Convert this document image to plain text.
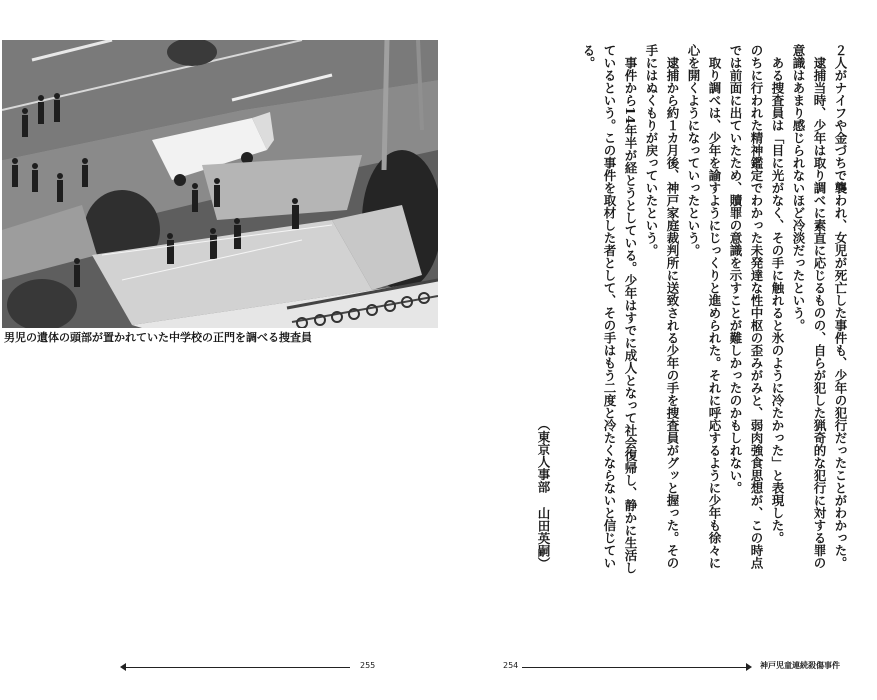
男児の遺体の頭部が置かれていた中学校の正門を調べる捜査員	２人がナイフや金づちで襲われ、女児が死亡した事件も、少年の犯行だったことがわかった。

　逮捕当時、少年は取り調べに素直に応じるものの、自らが犯した猟奇的な犯行に対する罪の

意識はあまり感じられないほど冷淡だったという。

　ある捜査員は「目に光がなく、その手に触れると氷のように冷たかった」と表現した。

のちに行われた精神鑑定でわかった未発達な性中枢の歪みがみと、弱肉強食思想が、この時点

では前面に出ていたため、贖罪の意識を示すことが難しかったのかもしれない。

　取り調べは、少年を諭すようにじっくりと進められた。それに呼応するように少年も徐々に

心を開くようになっていったという。

　逮捕から約１カ月後、神戸家庭裁判所に送致される少年の手を捜査員がグッと握った。その

手にはぬくもりが戻っていたという。

　事件から14年半が経とうとしている。少年はすでに成人となって社会復帰し、静かに生活し

ているという。この事件を取材した者として、その手はもう二度と冷たくならないと信じてい

る。

（東京人事部山田英嗣）
255	254	神戸児童連続殺傷事件
